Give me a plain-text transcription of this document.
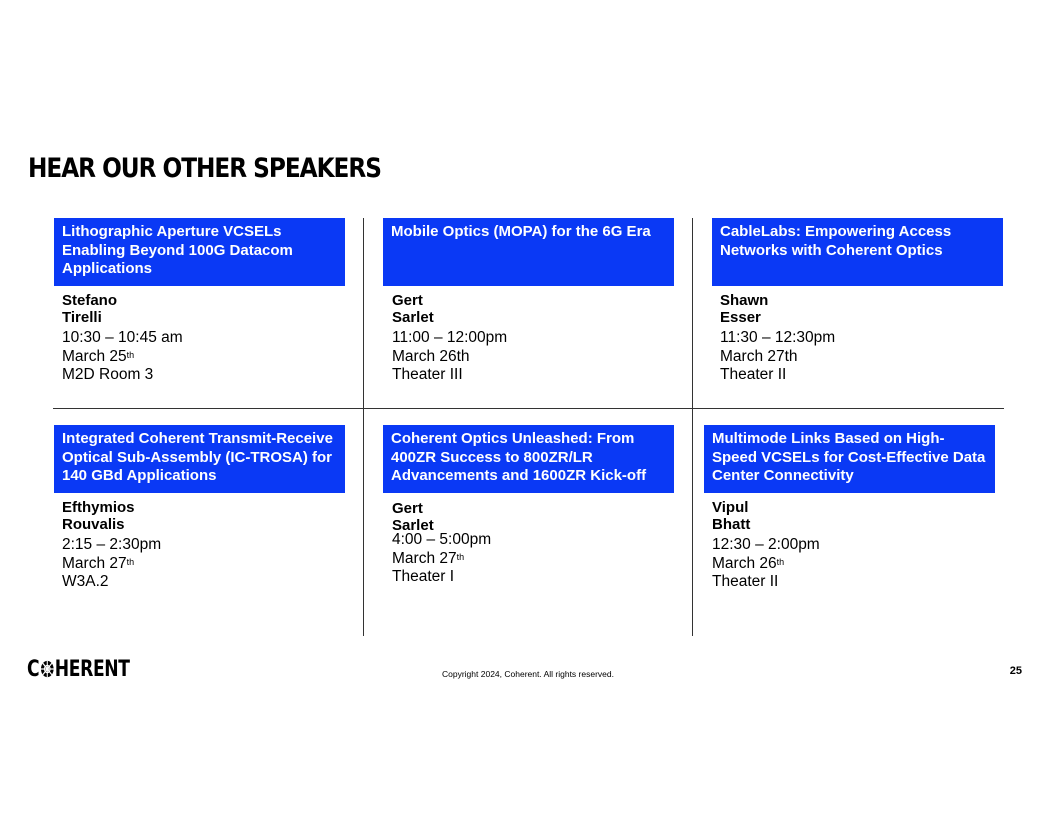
HEAR OUR OTHER SPEAKERS
Lithographic Aperture VCSELs Enabling Beyond 100G Datacom Applications
Stefano Tirelli
10:30 – 10:45 am
March 25th
M2D Room 3
Mobile Optics (MOPA) for the 6G Era
Gert Sarlet
11:00 – 12:00pm
March 26th
Theater III
CableLabs: Empowering Access Networks with Coherent Optics
Shawn Esser
11:30 – 12:30pm
March 27th
Theater II
Integrated Coherent Transmit-Receive Optical Sub-Assembly (IC-TROSA) for 140 GBd Applications
Efthymios Rouvalis
2:15 – 2:30pm
March 27th
W3A.2
Coherent Optics Unleashed: From 400ZR Success to 800ZR/LR Advancements and 1600ZR Kick-off
Gert Sarlet
4:00 – 5:00pm
March 27th
Theater I
Multimode Links Based on High-Speed VCSELs for Cost-Effective Data Center Connectivity
Vipul Bhatt
12:30 – 2:00pm
March 26th
Theater II
C HERENT	Copyright 2024, Coherent. All rights reserved.	25
